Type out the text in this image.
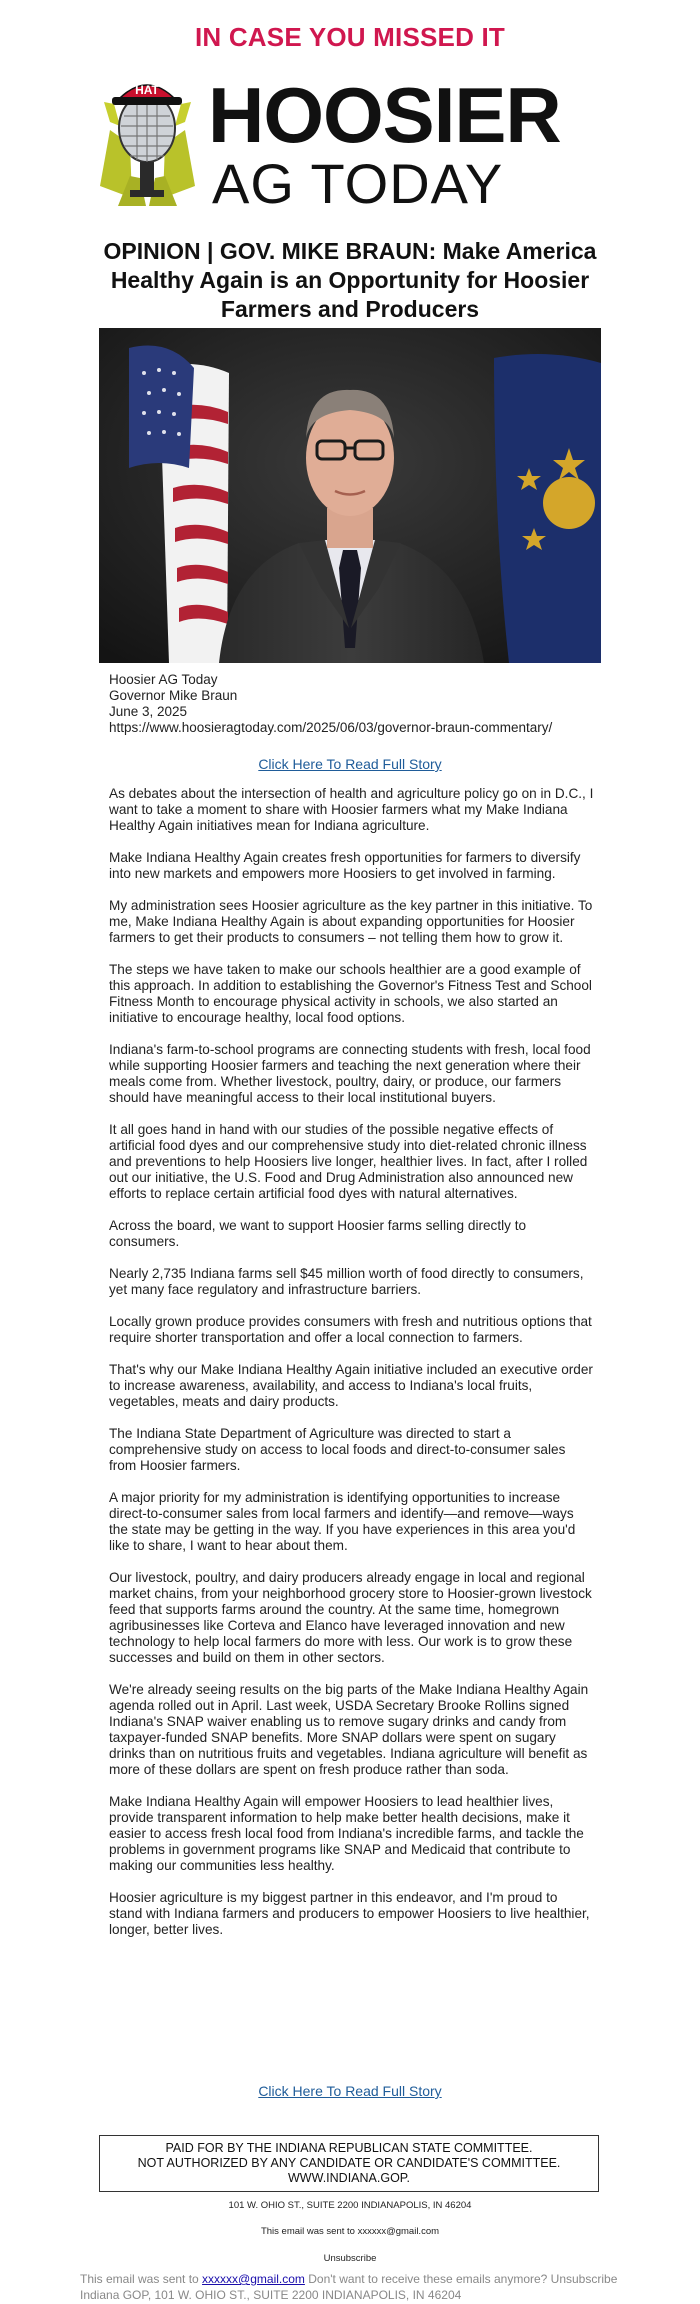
IN CASE YOU MISSED IT
HAT HOOSIER
AG TODAY
OPINION | GOV. MIKE BRAUN: Make America Healthy Again is an Opportunity for Hoosier Farmers and Producers
Hoosier AG Today
Governor Mike Braun
June 3, 2025
https://www.hoosieragtoday.com/2025/06/03/governor-braun-commentary/
Click Here To Read Full Story

As debates about the intersection of health and agriculture policy go on in D.C., I want to take a moment to share with Hoosier farmers what my Make Indiana Healthy Again initiatives mean for Indiana agriculture.

Make Indiana Healthy Again creates fresh opportunities for farmers to diversify into new markets and empowers more Hoosiers to get involved in farming.

My administration sees Hoosier agriculture as the key partner in this initiative. To me, Make Indiana Healthy Again is about expanding opportunities for Hoosier farmers to get their products to consumers – not telling them how to grow it.

The steps we have taken to make our schools healthier are a good example of this approach. In addition to establishing the Governor's Fitness Test and School Fitness Month to encourage physical activity in schools, we also started an initiative to encourage healthy, local food options.

Indiana's farm-to-school programs are connecting students with fresh, local food while supporting Hoosier farmers and teaching the next generation where their meals come from. Whether livestock, poultry, dairy, or produce, our farmers should have meaningful access to their local institutional buyers.

It all goes hand in hand with our studies of the possible negative effects of artificial food dyes and our comprehensive study into diet-related chronic illness and preventions to help Hoosiers live longer, healthier lives. In fact, after I rolled out our initiative, the U.S. Food and Drug Administration also announced new efforts to replace certain artificial food dyes with natural alternatives.

Across the board, we want to support Hoosier farms selling directly to consumers.

Nearly 2,735 Indiana farms sell $45 million worth of food directly to consumers, yet many face regulatory and infrastructure barriers.

Locally grown produce provides consumers with fresh and nutritious options that require shorter transportation and offer a local connection to farmers.

That's why our Make Indiana Healthy Again initiative included an executive order to increase awareness, availability, and access to Indiana's local fruits, vegetables, meats and dairy products.

The Indiana State Department of Agriculture was directed to start a comprehensive study on access to local foods and direct-to-consumer sales from Hoosier farmers.

A major priority for my administration is identifying opportunities to increase direct-to-consumer sales from local farmers and identify—and remove—ways the state may be getting in the way. If you have experiences in this area you'd like to share, I want to hear about them.

Our livestock, poultry, and dairy producers already engage in local and regional market chains, from your neighborhood grocery store to Hoosier-grown livestock feed that supports farms around the country. At the same time, homegrown agribusinesses like Corteva and Elanco have leveraged innovation and new technology to help local farmers do more with less. Our work is to grow these successes and build on them in other sectors.

We're already seeing results on the big parts of the Make Indiana Healthy Again agenda rolled out in April. Last week, USDA Secretary Brooke Rollins signed Indiana's SNAP waiver enabling us to remove sugary drinks and candy from taxpayer-funded SNAP benefits. More SNAP dollars were spent on sugary drinks than on nutritious fruits and vegetables. Indiana agriculture will benefit as more of these dollars are spent on fresh produce rather than soda.

Make Indiana Healthy Again will empower Hoosiers to lead healthier lives, provide transparent information to help make better health decisions, make it easier to access fresh local food from Indiana's incredible farms, and tackle the problems in government programs like SNAP and Medicaid that contribute to making our communities less healthy.

Hoosier agriculture is my biggest partner in this endeavor, and I'm proud to stand with Indiana farmers and producers to empower Hoosiers to live healthier, longer, better lives.

Click Here To Read Full Story
PAID FOR BY THE INDIANA REPUBLICAN STATE COMMITTEE.
NOT AUTHORIZED BY ANY CANDIDATE OR CANDIDATE'S COMMITTEE.
WWW.INDIANA.GOP.
101 W. OHIO ST., SUITE 2200 INDIANAPOLIS, IN 46204
This email was sent to xxxxxx@gmail.com
Unsubscribe
This email was sent to xxxxxx@gmail.com Don't want to receive these emails anymore? Unsubscribe
Indiana GOP, 101 W. OHIO ST., SUITE 2200 INDIANAPOLIS, IN 46204
